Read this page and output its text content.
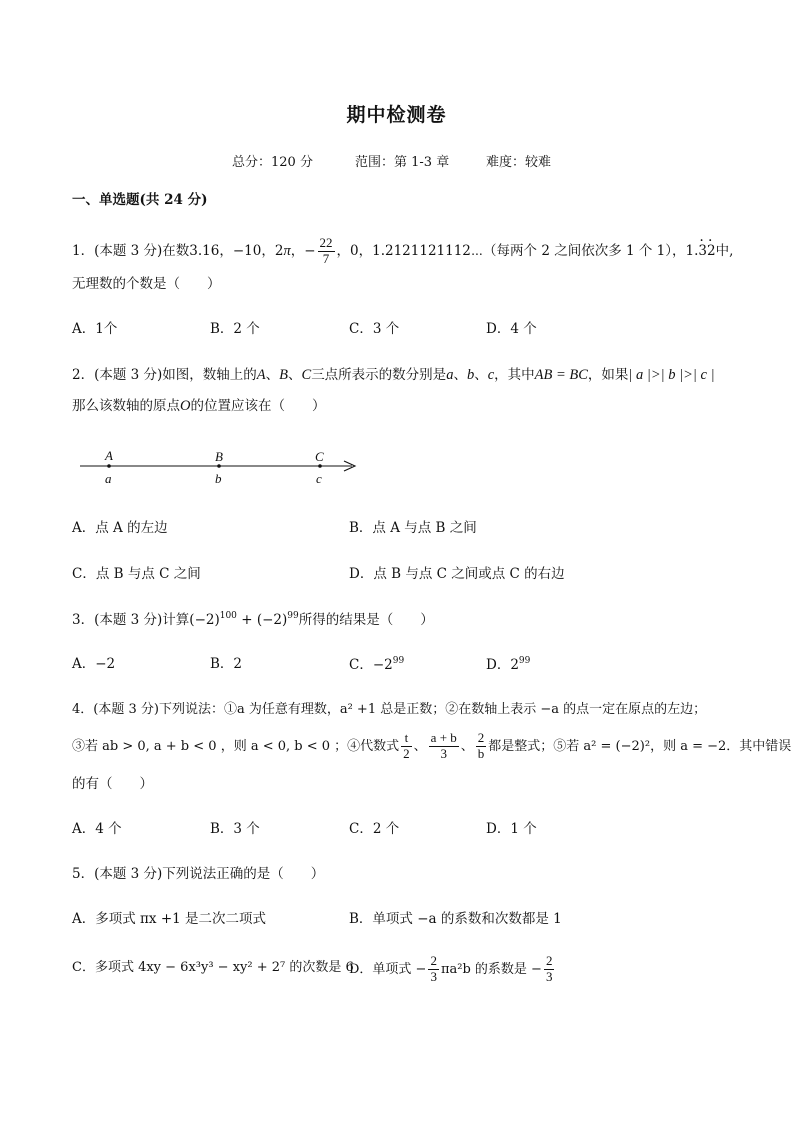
期中检测卷
总分：120 分	范围：第 1-3 章	难度：较难
一、单选题(共 24 分)
1．(本题 3 分)在数3.16，−10，2π，− $\frac{22}{7}$ ，0，1.2121121112⋯（每两个 2 之间依次多 1 个 1），1.· 3· 2中,
无理数的个数是（　　）
A．1个	B．2 个	C．3 个	D．4 个
2．(本题 3 分)如图，数轴上的A、B、C三点所表示的数分别是a、b、c，其中AB = BC，如果| a |>| b |>| c |
那么该数轴的原点O的位置应该在（　　）
A	B	C
a	b	c
A．点 A 的左边	B．点 A 与点 B 之间
C．点 B 与点 C 之间	D．点 B 与点 C 之间或点 C 的右边
3．(本题 3 分)计算$(-2)^{100} + (-2)^{99}$所得的结果是（　　）
A．−2	B．2	C．$-2^{99}$	D．$2^{99}$
4．(本题 3 分)下列说法：①a 为任意有理数，a² +1 总是正数；②在数轴上表示 −a 的点一定在原点的左边；
③若 ab > 0, a + b < 0 ，则 a < 0, b < 0 ；④代数式 $\frac{t}{2}$ 、 $\frac{a + b}{3}$ 、 $\frac{2}{b}$ 都是整式；⑤若 a² = (−2)²，则 a = −2．其中错误
的有（　　）
A．4 个	B．3 个	C．2 个	D．1 个
5．(本题 3 分)下列说法正确的是（　　）
A．多项式 πx +1 是二次二项式	B．单项式 −a 的系数和次数都是 1
C．多项式 4xy − 6x³y³ − xy² + 2⁷ 的次数是 6
D．单项式 − $\frac{2}{3} \pi a^2b$ 的系数是 − $\frac{2}{3}$
